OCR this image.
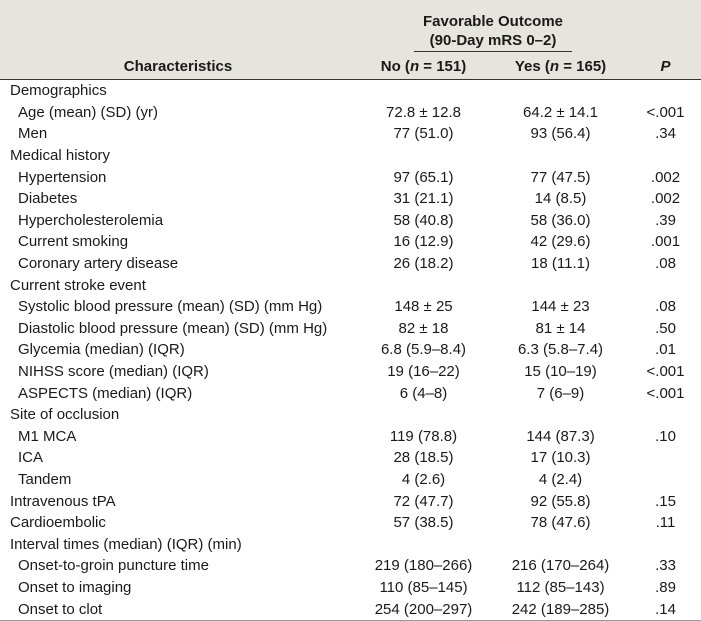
	Favorable Outcome		
	(90-Day mRS 0–2)		
Characteristics	No (n = 151)	Yes (n = 165)	P
Demographics			
Age (mean) (SD) (yr)	72.8 ± 12.8	64.2 ± 14.1	<.001
Men	77 (51.0)	93 (56.4)	.34
Medical history			
Hypertension	97 (65.1)	77 (47.5)	.002
Diabetes	31 (21.1)	14 (8.5)	.002
Hypercholesterolemia	58 (40.8)	58 (36.0)	.39
Current smoking	16 (12.9)	42 (29.6)	.001
Coronary artery disease	26 (18.2)	18 (11.1)	.08
Current stroke event			
Systolic blood pressure (mean) (SD) (mm Hg)	148 ± 25	144 ± 23	.08
Diastolic blood pressure (mean) (SD) (mm Hg)	82 ± 18	81 ± 14	.50
Glycemia (median) (IQR)	6.8 (5.9–8.4)	6.3 (5.8–7.4)	.01
NIHSS score (median) (IQR)	19 (16–22)	15 (10–19)	<.001
ASPECTS (median) (IQR)	6 (4–8)	7 (6–9)	<.001
Site of occlusion			
M1 MCA	119 (78.8)	144 (87.3)	.10
ICA	28 (18.5)	17 (10.3)	
Tandem	4 (2.6)	4 (2.4)	
Intravenous tPA	72 (47.7)	92 (55.8)	.15
Cardioembolic	57 (38.5)	78 (47.6)	.11
Interval times (median) (IQR) (min)			
Onset-to-groin puncture time	219 (180–266)	216 (170–264)	.33
Onset to imaging	110 (85–145)	112 (85–143)	.89
Onset to clot	254 (200–297)	242 (189–285)	.14
